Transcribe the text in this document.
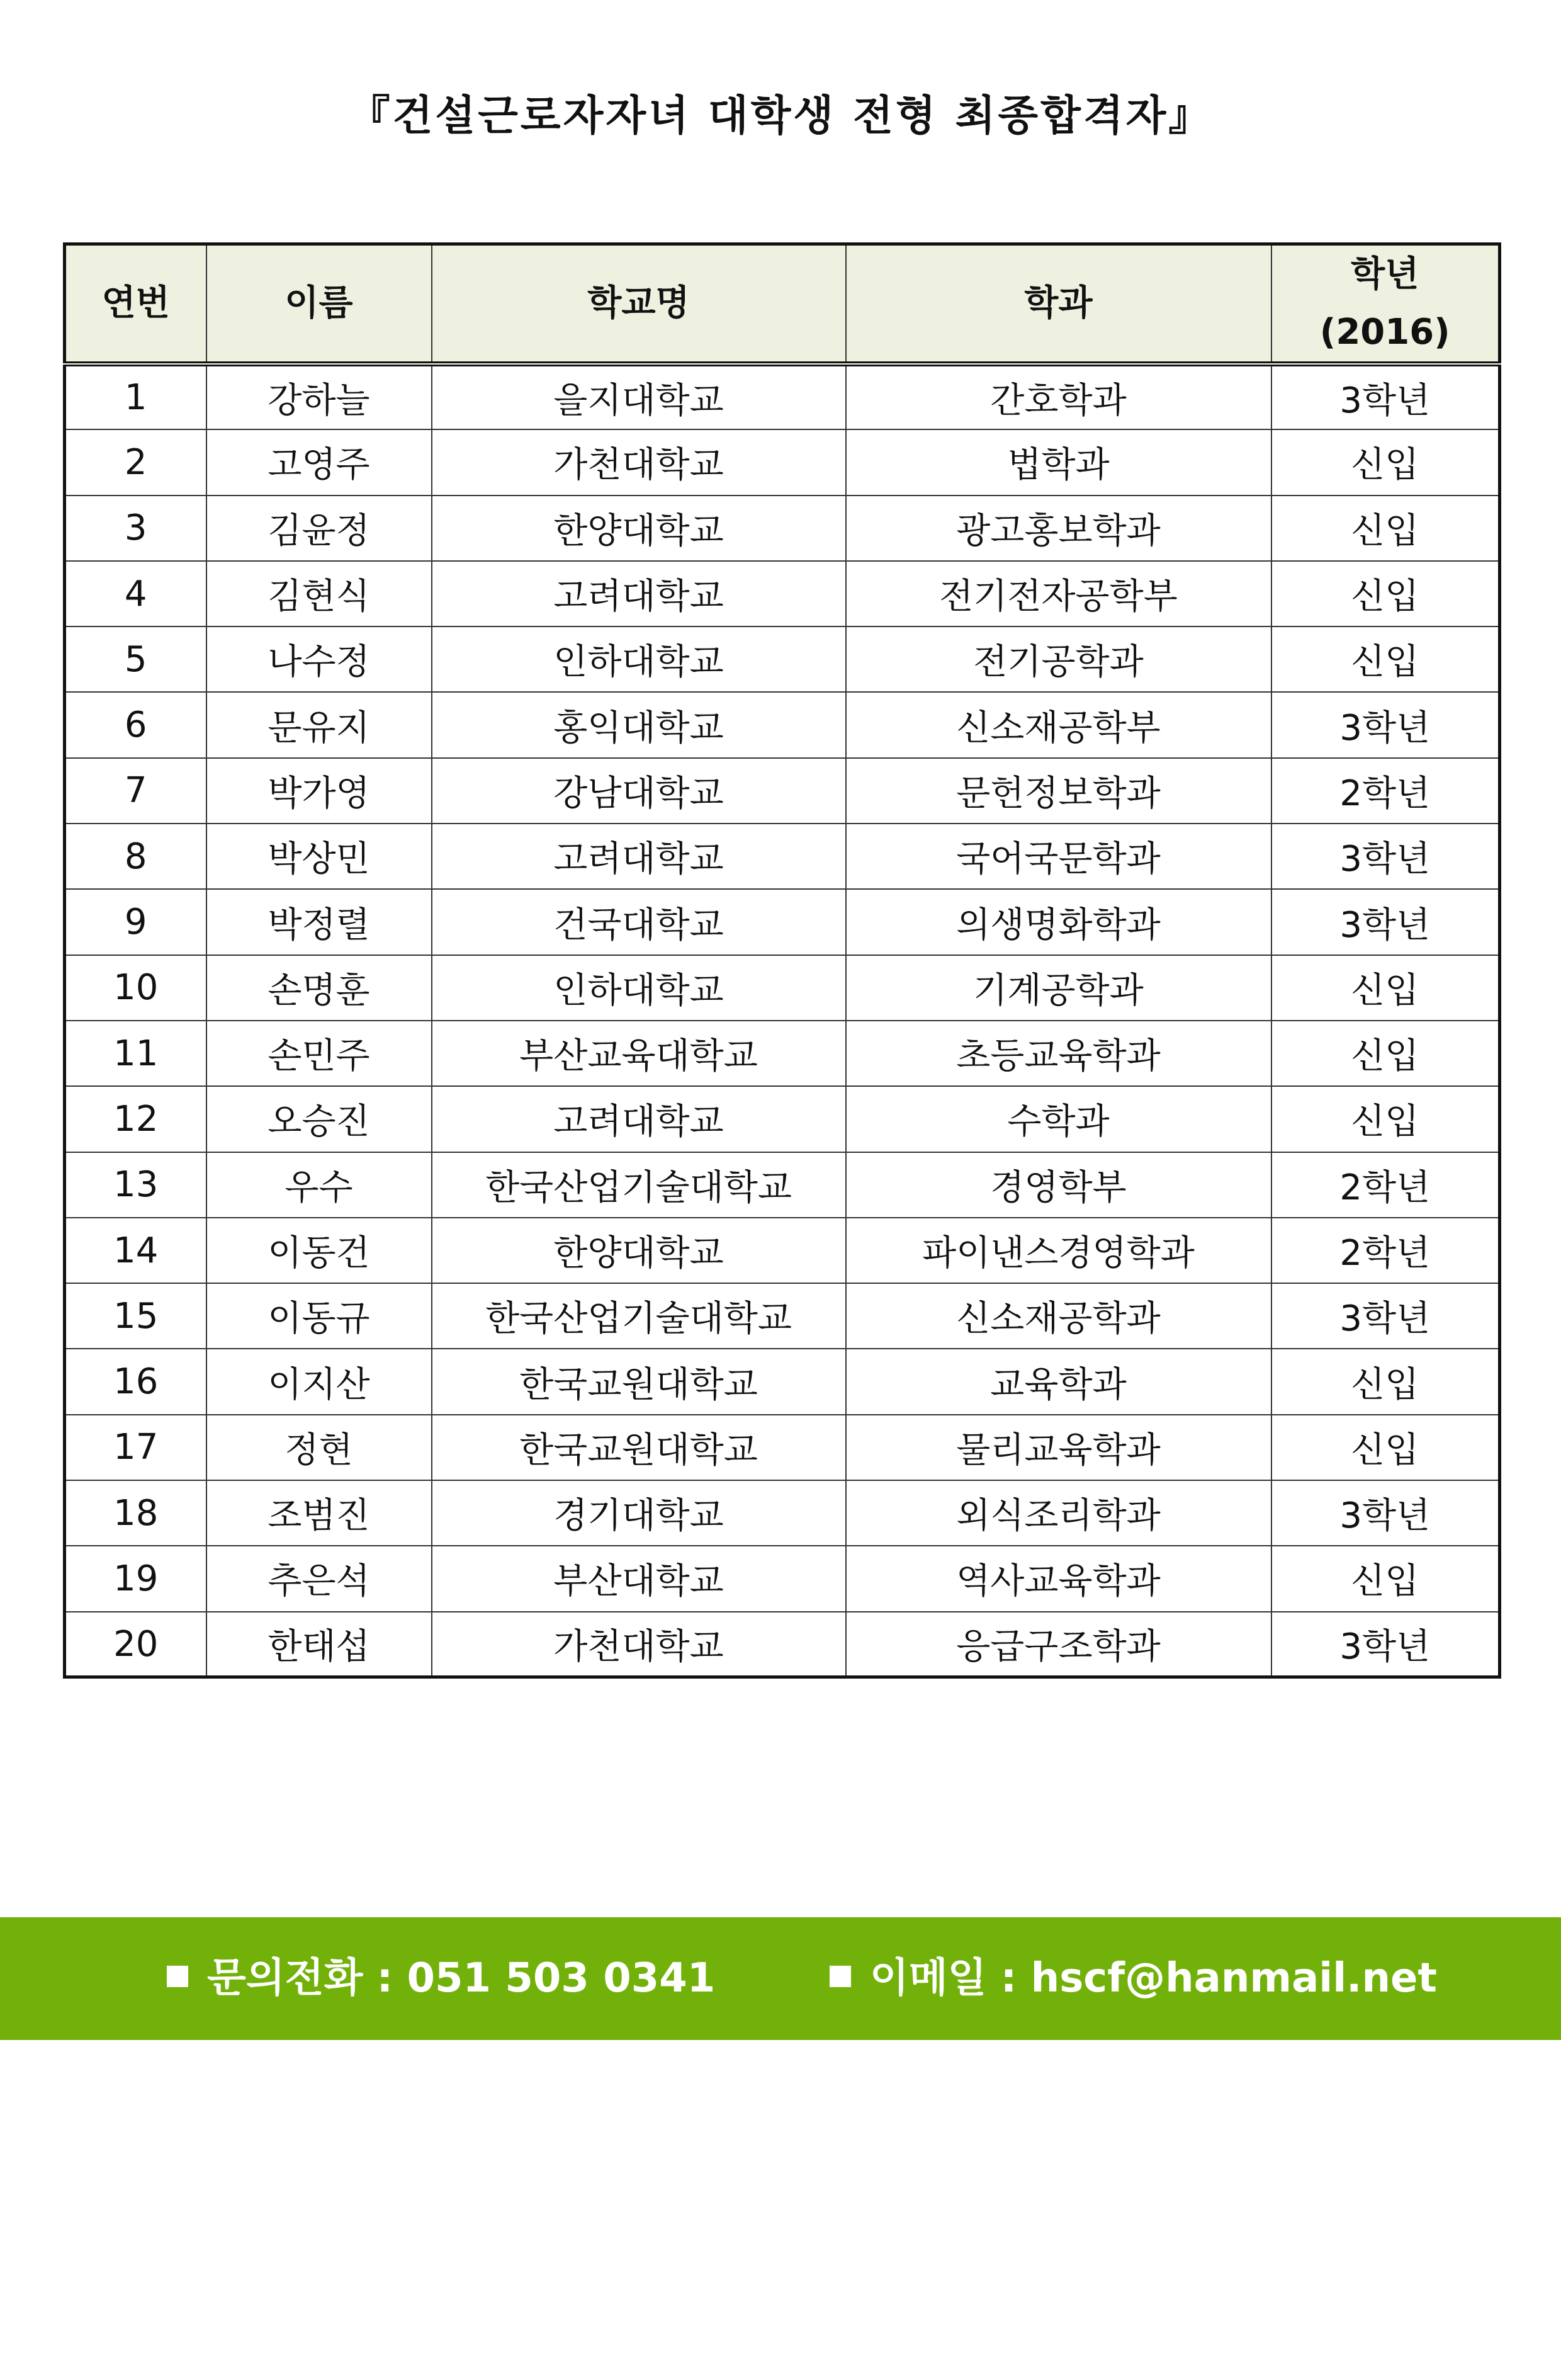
『건설근로자자녀 대학생 전형 최종합격자』
연번	이름	학교명	학과	학년
(2016)
1	강하늘	을지대학교	간호학과	3학년
2	고영주	가천대학교	법학과	신입
3	김윤정	한양대학교	광고홍보학과	신입
4	김현식	고려대학교	전기전자공학부	신입
5	나수정	인하대학교	전기공학과	신입
6	문유지	홍익대학교	신소재공학부	3학년
7	박가영	강남대학교	문헌정보학과	2학년
8	박상민	고려대학교	국어국문학과	3학년
9	박정렬	건국대학교	의생명화학과	3학년
10	손명훈	인하대학교	기계공학과	신입
11	손민주	부산교육대학교	초등교육학과	신입
12	오승진	고려대학교	수학과	신입
13	우수	한국산업기술대학교	경영학부	2학년
14	이동건	한양대학교	파이낸스경영학과	2학년
15	이동규	한국산업기술대학교	신소재공학과	3학년
16	이지산	한국교원대학교	교육학과	신입
17	정현	한국교원대학교	물리교육학과	신입
18	조범진	경기대학교	외식조리학과	3학년
19	추은석	부산대학교	역사교육학과	신입
20	한태섭	가천대학교	응급구조학과	3학년
문의전화 : 051 503 0341	이메일 : hscf@hanmail.net
